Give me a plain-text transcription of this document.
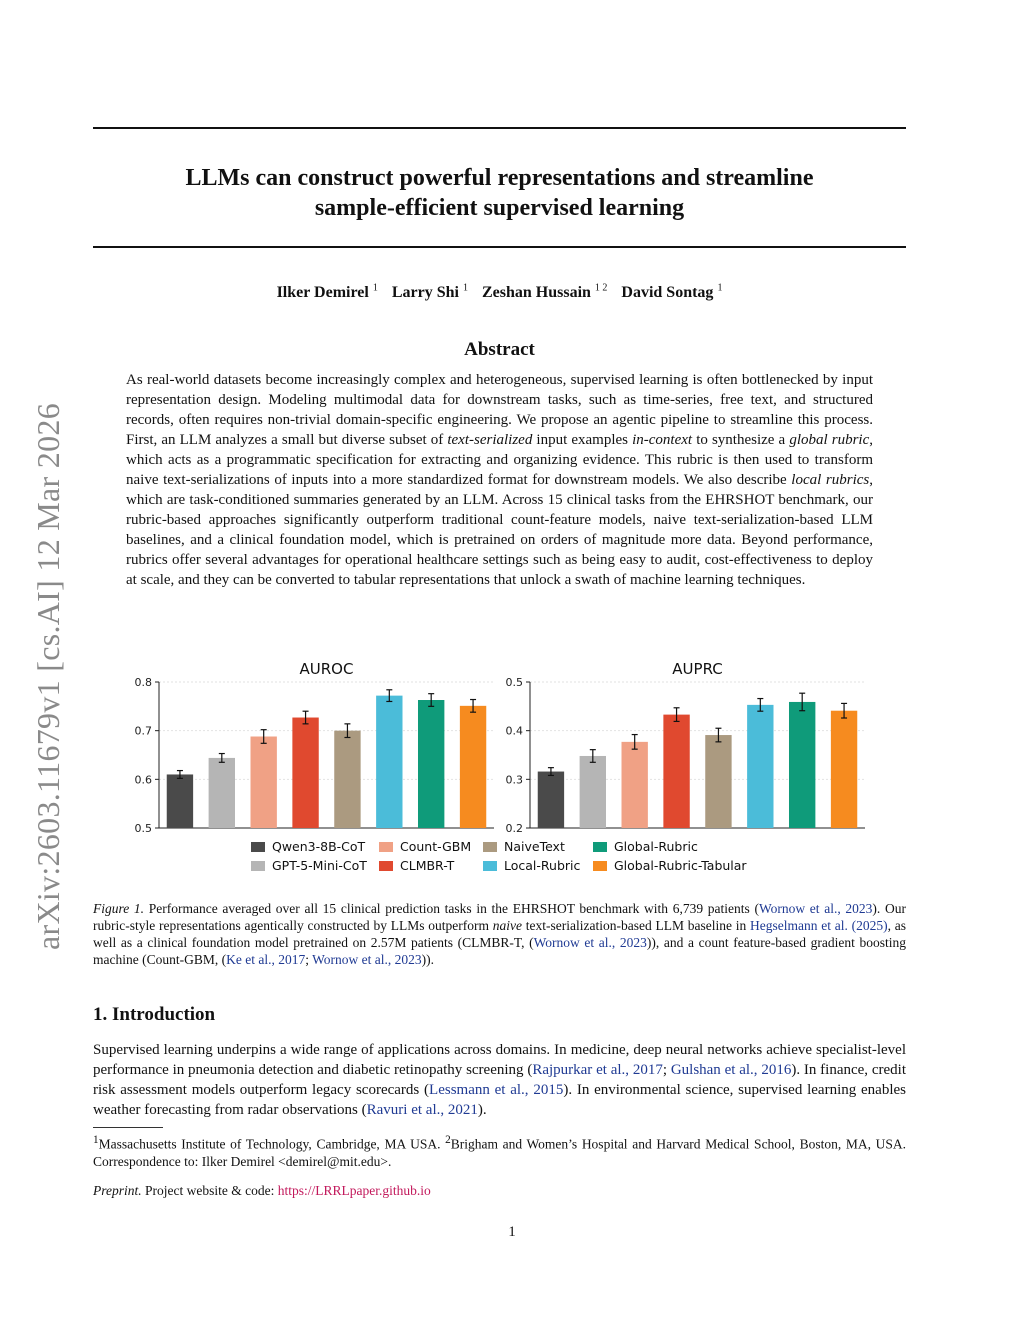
arXiv:2603.11679v1 [cs.AI] 12 Mar 2026
LLMs can construct powerful representations and streamline
sample-efficient supervised learning
Ilker Demirel $^1$ Larry Shi $^1$ Zeshan Hussain $^{1 2}$ David Sontag $^1$
Abstract
As real-world datasets become increasingly complex and heterogeneous, supervised learning is often bottlenecked by input representation design. Modeling multimodal data for downstream tasks, such as time-series, free text, and structured records, often requires non-trivial domain-specific engineering. We propose an agentic pipeline to streamline this process. First, an LLM analyzes a small but diverse subset of text-serialized input examples in-context to synthesize a global rubric, which acts as a programmatic specification for extracting and organizing evidence. This rubric is then used to transform naive text-serializations of inputs into a more standardized format for downstream models. We also describe local rubrics, which are task-conditioned summaries generated by an LLM. Across 15 clinical tasks from the EHRSHOT benchmark, our rubric-based approaches significantly outperform traditional count-feature models, naive text-serialization-based LLM baselines, and a clinical foundation model, which is pretrained on orders of magnitude more data. Beyond performance, rubrics offer several advantages for operational healthcare settings such as being easy to audit, cost-effectiveness to deploy at scale, and they can be converted to tabular representations that unlock a swath of machine learning techniques.
AUROC
0.5
0.6
0.7
0.8
AUPRC
0.2
0.3
0.4
0.5
Qwen3-8B-CoT
GPT-5-Mini-CoT
Count-GBM
CLMBR-T
NaiveText
Local-Rubric
Global-Rubric
Global-Rubric-Tabular
Figure 1. Performance averaged over all 15 clinical prediction tasks in the EHRSHOT benchmark with 6,739 patients (Wornow et al., 2023). Our rubric-style representations agentically constructed by LLMs outperform naive text-serialization-based LLM baseline in Hegselmann et al. (2025), as well as a clinical foundation model pretrained on 2.57M patients (CLMBR-T, (Wornow et al., 2023)), and a count feature-based gradient boosting machine (Count-GBM, (Ke et al., 2017; Wornow et al., 2023)).
1. Introduction
Supervised learning underpins a wide range of applications across domains. In medicine, deep neural networks achieve specialist-level performance in pneumonia detection and diabetic retinopathy screening (Rajpurkar et al., 2017; Gulshan et al., 2016). In finance, credit risk assessment models outperform legacy scorecards (Lessmann et al., 2015). In environmental science, supervised learning enables weather forecasting from radar observations (Ravuri et al., 2021).
$^1$Massachusetts Institute of Technology, Cambridge, MA USA. $^2$Brigham and Women’s Hospital and Harvard Medical School, Boston, MA, USA. Correspondence to: Ilker Demirel <demirel@mit.edu>.
Preprint. Project website & code: https://LRRLpaper.github.io
1
